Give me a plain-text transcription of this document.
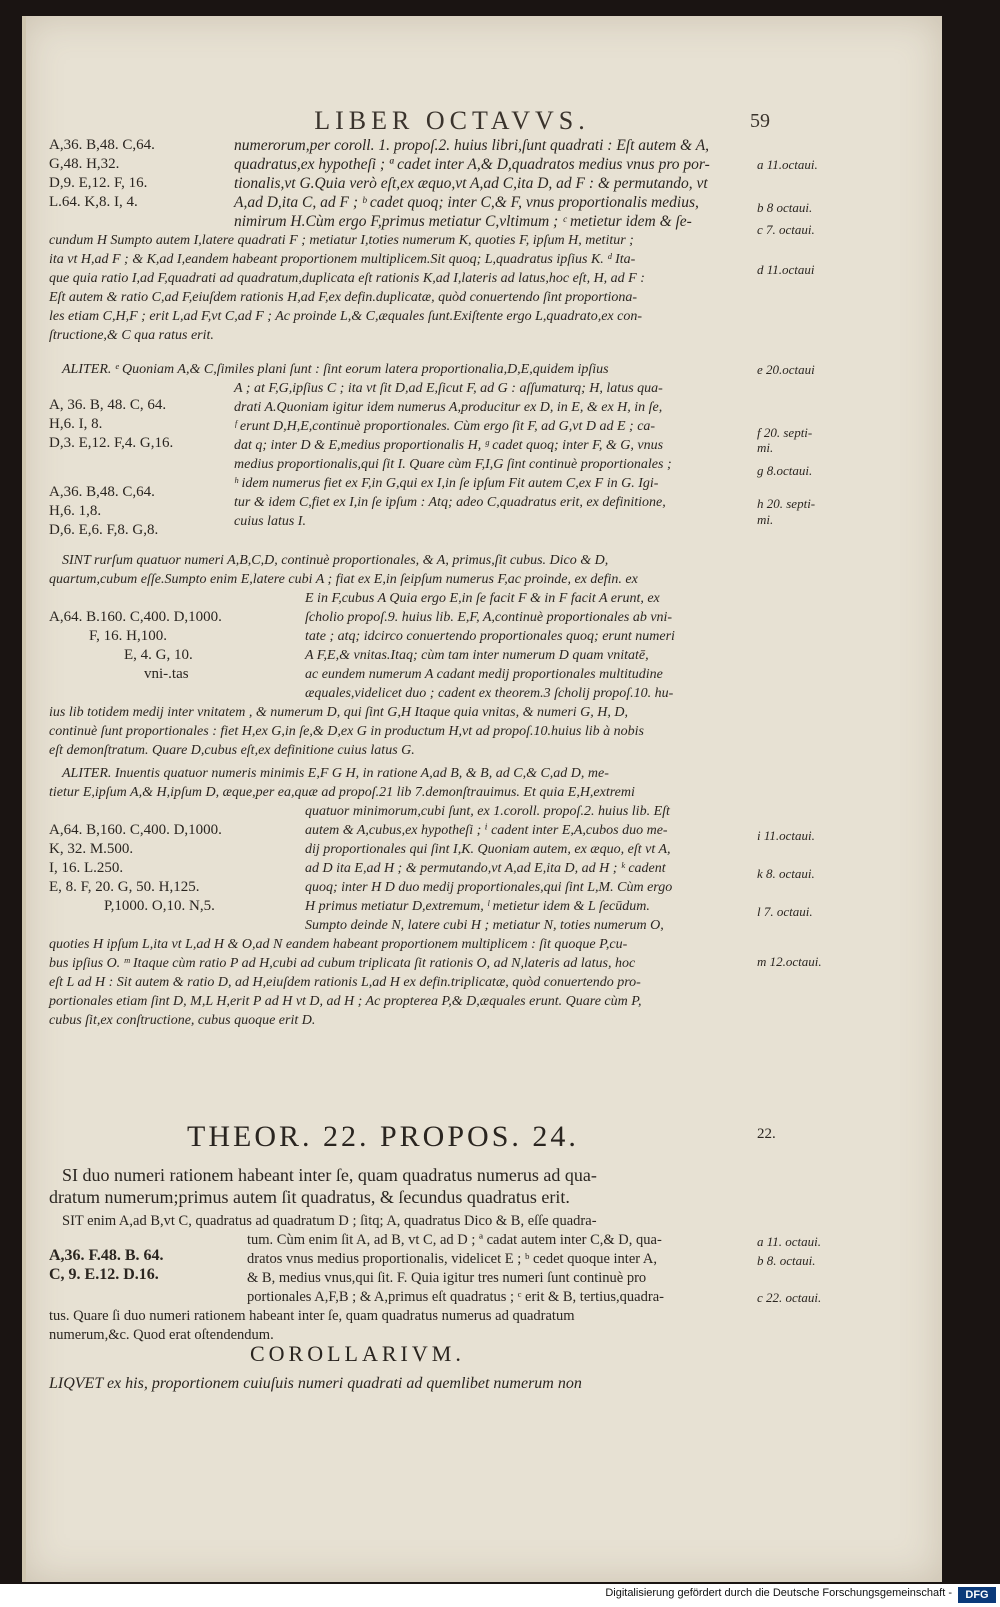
LIBER OCTAVVS.	59
A,36. B,48. C,64.
G,48. H,32.
D,9. E,12. F, 16.
L.64. K,8. I, 4.
numerorum,per coroll. 1. propoſ.2. huius libri,ſunt quadrati : Eſt autem & A,
quadratus,ex hypotheſi ; ª cadet inter A,& D,quadratos medius vnus pro por-
tionalis,vt G.Quia verò eſt,ex æquo,vt A,ad C,ita D, ad F : & permutando, vt
A,ad D,ita C, ad F ; ᵇ cadet quoq; inter C,& F, vnus proportionalis medius,
nimirum H.Cùm ergo F,primus metiatur C,vltimum ; ᶜ metietur idem & ſe-
cundum H Sumpto autem I,latere quadrati F ; metiatur I,toties numerum K, quoties F, ipſum H, metitur ;
ita vt H,ad F ; & K,ad I,eandem habeant proportionem multiplicem.Sit quoq; L,quadratus ipſius K. ᵈ Ita-
que quia ratio I,ad F,quadrati ad quadratum,duplicata eſt rationis K,ad I,lateris ad latus,hoc eſt, H, ad F :
Eſt autem & ratio C,ad F,eiuſdem rationis H,ad F,ex defin.duplicatæ, quòd conuertendo ſint proportiona-
les etiam C,H,F ; erit L,ad F,vt C,ad F ; Ac proinde L,& C,æquales ſunt.Exiſtente ergo L,quadrato,ex con-
ſtructione,& C qua ratus erit.
a 11.octaui.
b 8 octaui.
c 7. octaui.
d 11.octaui
ALITER. ᵉ Quoniam A,& C,ſimiles plani ſunt : ſint eorum latera proportionalia,D,E,quidem ipſius
A ; at F,G,ipſius C ; ita vt ſit D,ad E,ſicut F, ad G : aſſumaturq; H, latus qua-
drati A.Quoniam igitur idem numerus A,producitur ex D, in E, & ex H, in ſe,
ᶠ erunt D,H,E,continuè proportionales. Cùm ergo ſit F, ad G,vt D ad E ; ca-
dat q; inter D & E,medius proportionalis H, ᵍ cadet quoq; inter F, & G, vnus
medius proportionalis,qui ſit I. Quare cùm F,I,G ſint continuè proportionales ;
ʰ idem numerus fiet ex F,in G,qui ex I,in ſe ipſum Fit autem C,ex F in G. Igi-
tur & idem C,fiet ex I,in ſe ipſum : Atq; adeo C,quadratus erit, ex definitione,
cuius latus I.
A, 36. B, 48. C, 64.
H,6. I, 8.
D,3. E,12. F,4. G,16.
A,36. B,48. C,64.
H,6. 1,8.
D,6. E,6. F,8. G,8.
e 20.octaui
f 20. septi-
mi.
g 8.octaui.
h 20. septi-
mi.
SINT rurſum quatuor numeri A,B,C,D, continuè proportionales, & A, primus,ſit cubus. Dico & D,
quartum,cubum eſſe.Sumpto enim E,latere cubi A ; fiat ex E,in ſeipſum numerus F,ac proinde, ex defin. ex
E in F,cubus A Quia ergo E,in ſe facit F & in F facit A erunt, ex
ſcholio propoſ.9. huius lib. E,F, A,continuè proportionales ab vni-
tate ; atq; idcirco conuertendo proportionales quoq; erunt numeri
A F,E,& vnitas.Itaq; cùm tam inter numerum D quam vnitatē,
ac eundem numerum A cadant medij proportionales multitudine
æquales,videlicet duo ; cadent ex theorem.3 ſcholij propoſ.10. hu-
ius lib totidem medij inter vnitatem , & numerum D, qui ſint G,H Itaque quia vnitas, & numeri G, H, D,
continuè ſunt proportionales : fiet H,ex G,in ſe,& D,ex G in productum H,vt ad propoſ.10.huius lib à nobis
eſt demonſtratum. Quare D,cubus eſt,ex definitione cuius latus G.
A,64. B.160. C,400. D,1000.
F, 16. H,100.
E, 4. G, 10.
vni-.tas
ALITER. Inuentis quatuor numeris minimis E,F G H, in ratione A,ad B, & B, ad C,& C,ad D, me-
tietur E,ipſum A,& H,ipſum D, æque,per ea,quæ ad propoſ.21 lib 7.demonſtrauimus. Et quia E,H,extremi
quatuor minimorum,cubi ſunt, ex 1.coroll. propoſ.2. huius lib. Eſt
autem & A,cubus,ex hypotheſi ; ⁱ cadent inter E,A,cubos duo me-
dij proportionales qui ſint I,K. Quoniam autem, ex æquo, eſt vt A,
ad D ita E,ad H ; & permutando,vt A,ad E,ita D, ad H ; ᵏ cadent
quoq; inter H D duo medij proportionales,qui ſint L,M. Cùm ergo
H primus metiatur D,extremum, ˡ metietur idem & L ſecūdum.
Sumpto deinde N, latere cubi H ; metiatur N, toties numerum O,
quoties H ipſum L,ita vt L,ad H & O,ad N eandem habeant proportionem multiplicem : ſit quoque P,cu-
bus ipſius O. ᵐ Itaque cùm ratio P ad H,cubi ad cubum triplicata ſit rationis O, ad N,lateris ad latus, hoc
eſt L ad H : Sit autem & ratio D, ad H,eiuſdem rationis L,ad H ex defin.triplicatæ, quòd conuertendo pro-
portionales etiam ſint D, M,L H,erit P ad H vt D, ad H ; Ac propterea P,& D,æquales erunt. Quare cùm P,
cubus ſit,ex conſtructione, cubus quoque erit D.
A,64. B,160. C,400. D,1000.
K, 32. M.500.
I, 16. L.250.
E, 8. F, 20. G, 50. H,125.
P,1000. O,10. N,5.
i 11.octaui.
k 8. octaui.
l 7. octaui.
m 12.octaui.
THEOR. 22. PROPOS. 24.	22.
SI duo numeri rationem habeant inter ſe, quam quadratus numerus ad qua-
dratum numerum;primus autem ſit quadratus, & ſecundus quadratus erit.
SIT enim A,ad B,vt C, quadratus ad quadratum D ; ſitq; A, quadratus Dico & B, eſſe quadra-
tum. Cùm enim ſit A, ad B, vt C, ad D ; ª cadat autem inter C,& D, qua-
dratos vnus medius proportionalis, videlicet E ; ᵇ cedet quoque inter A,
& B, medius vnus,qui ſit. F. Quia igitur tres numeri ſunt continuè pro
portionales A,F,B ; & A,primus eſt quadratus ; ᶜ erit & B, tertius,quadra-
tus. Quare ſi duo numeri rationem habeant inter ſe, quam quadratus numerus ad quadratum
numerum,&c. Quod erat oſtendendum.
A,36. F.48. B. 64.
C, 9. E.12. D.16.
a 11. octaui.
b 8. octaui.
c 22. octaui.
COROLLARIVM.
LIQVET ex his, proportionem cuiuſuis numeri quadrati ad quemlibet numerum non
Digitalisierung gefördert durch die Deutsche Forschungsgemeinschaft -	DFG
